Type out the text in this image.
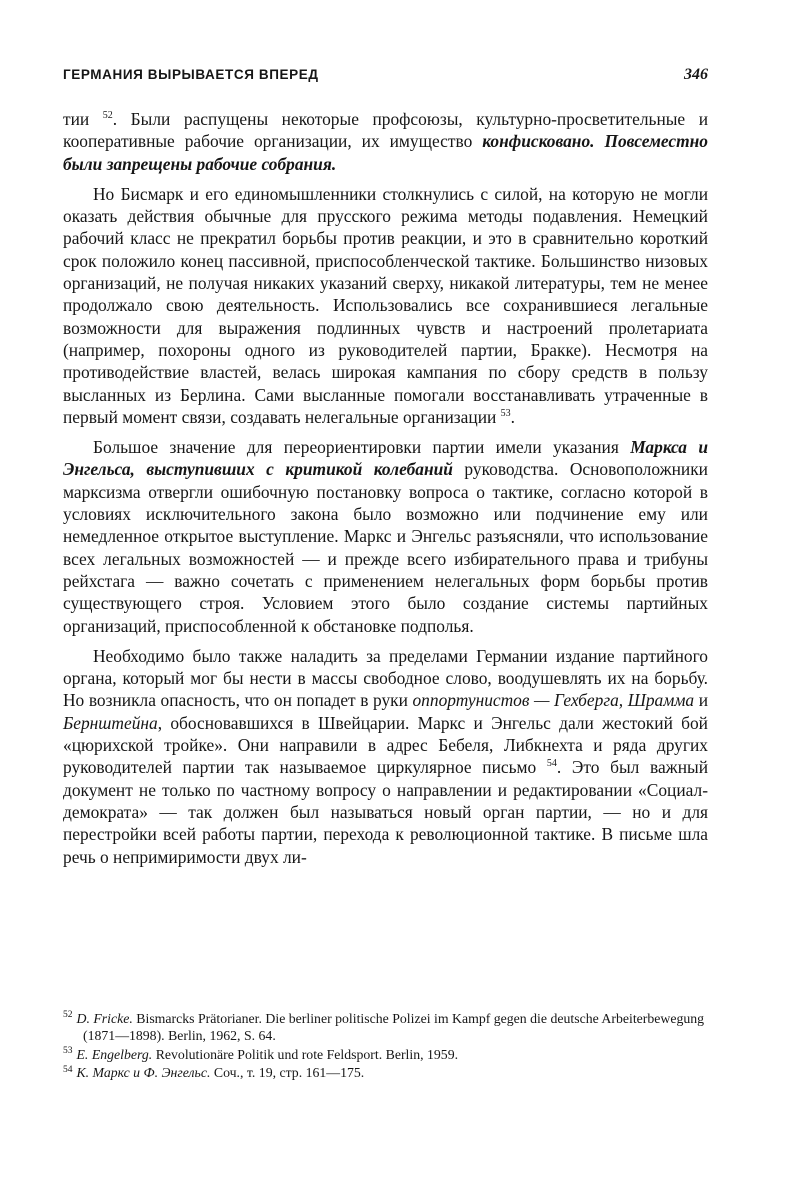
ГЕРМАНИЯ ВЫРЫВАЕТСЯ ВПЕРЕД	346

тии $^{52}$. Были распущены некоторые профсоюзы, культурно-просветительные и кооперативные рабочие организации, их имущество конфисковано. Повсеместно были запрещены рабочие собрания.

Но Бисмарк и его единомышленники столкнулись с силой, на которую не могли оказать действия обычные для прусского режима методы подавления. Немецкий рабочий класс не прекратил борьбы против реакции, и это в сравнительно короткий срок положило конец пассивной, приспособленческой тактике. Большинство низовых организаций, не получая никаких указаний сверху, никакой литературы, тем не менее продолжало свою деятельность. Использовались все сохранившиеся легальные возможности для выражения подлинных чувств и настроений пролетариата (например, похороны одного из руководителей партии, Бракке). Несмотря на противодействие властей, велась широкая кампания по сбору средств в пользу высланных из Берлина. Сами высланные помогали восстанавливать утраченные в первый момент связи, создавать нелегальные организации $^{53}$.

Большое значение для переориентировки партии имели указания Маркса и Энгельса, выступивших с критикой колебаний руководства. Основоположники марксизма отвергли ошибочную постановку вопроса о тактике, согласно которой в условиях исключительного закона было возможно или подчинение ему или немедленное открытое выступление. Маркс и Энгельс разъясняли, что использование всех легальных возможностей — и прежде всего избирательного права и трибуны рейхстага — важно сочетать с применением нелегальных форм борьбы против существующего строя. Условием этого было создание системы партийных организаций, приспособленной к обстановке подполья.

Необходимо было также наладить за пределами Германии издание партийного органа, который мог бы нести в массы свободное слово, воодушевлять их на борьбу. Но возникла опасность, что он попадет в руки оппортунистов — Гехберга, Шрамма и Бернштейна, обосновавшихся в Швейцарии. Маркс и Энгельс дали жестокий бой «цюрихской тройке». Они направили в адрес Бебеля, Либкнехта и ряда других руководителей партии так называемое циркулярное письмо $^{54}$. Это был важный документ не только по частному вопросу о направлении и редактировании «Социал-демократа» — так должен был называться новый орган партии, — но и для перестройки всей работы партии, перехода к революционной тактике. В письме шла речь о непримиримости двух ли-

$^{52}$ D. Fricke. Bismarcks Prätorianer. Die berliner politische Polizei im Kampf gegen die deutsche Arbeiterbewegung (1871—1898). Berlin, 1962, S. 64.
$^{53}$ E. Engelberg. Revolutionäre Politik und rote Feldsport. Berlin, 1959.
$^{54}$ К. Маркс и Ф. Энгельс. Соч., т. 19, стр. 161—175.
